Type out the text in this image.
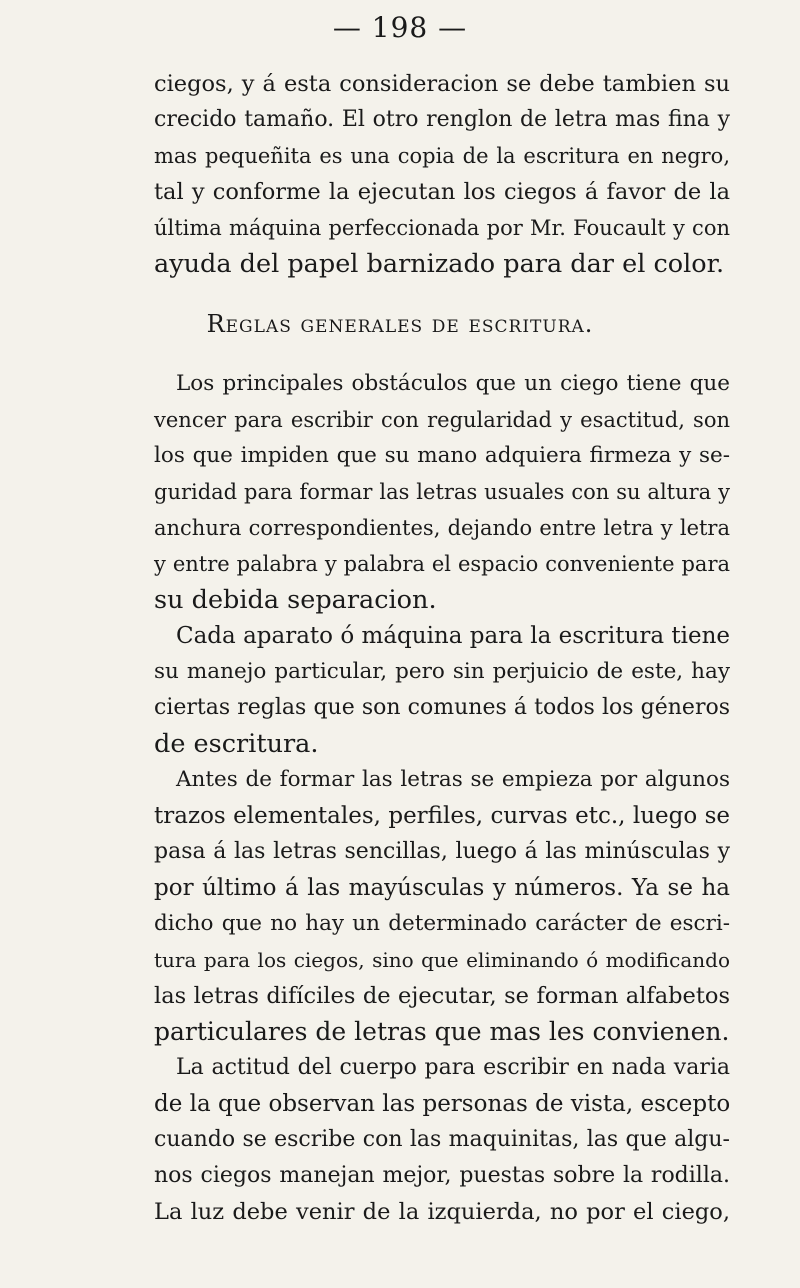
— 198 —
ciegos, y á esta consideracion se debe tambien su
crecido tamaño. El otro renglon de letra mas fina y
mas pequeñita es una copia de la escritura en negro,
tal y conforme la ejecutan los ciegos á favor de la
última máquina perfeccionada por Mr. Foucault y con
ayuda del papel barnizado para dar el color.
Reglas generales de escritura.
Los principales obstáculos que un ciego tiene que
vencer para escribir con regularidad y esactitud, son
los que impiden que su mano adquiera firmeza y se-
guridad para formar las letras usuales con su altura y
anchura correspondientes, dejando entre letra y letra
y entre palabra y palabra el espacio conveniente para
su debida separacion.
Cada aparato ó máquina para la escritura tiene
su manejo particular, pero sin perjuicio de este, hay
ciertas reglas que son comunes á todos los géneros
de escritura.
Antes de formar las letras se empieza por algunos
trazos elementales, perfiles, curvas etc., luego se
pasa á las letras sencillas, luego á las minúsculas y
por último á las mayúsculas y números. Ya se ha
dicho que no hay un determinado carácter de escri-
tura para los ciegos, sino que eliminando ó modificando
las letras difíciles de ejecutar, se forman alfabetos
particulares de letras que mas les convienen.
La actitud del cuerpo para escribir en nada varia
de la que observan las personas de vista, escepto
cuando se escribe con las maquinitas, las que algu-
nos ciegos manejan mejor, puestas sobre la rodilla.
La luz debe venir de la izquierda, no por el ciego,
